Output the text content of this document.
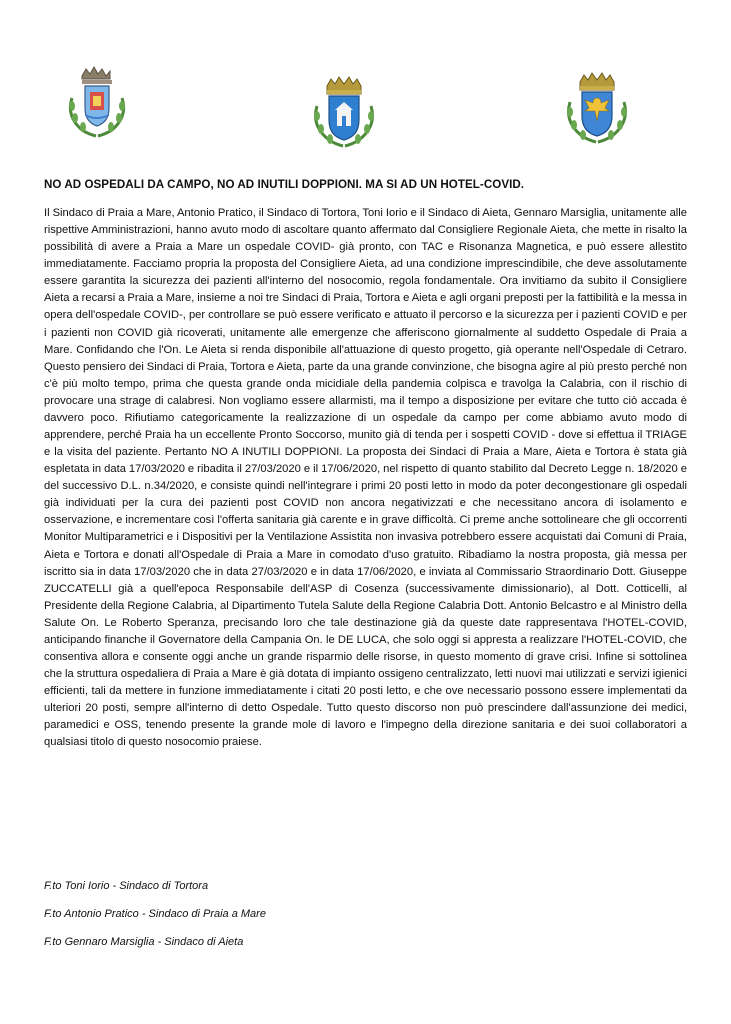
NO AD OSPEDALI DA CAMPO, NO AD INUTILI DOPPIONI. MA SI AD UN HOTEL-COVID.
Il Sindaco di Praia a Mare, Antonio Pratico, il Sindaco di Tortora, Toni Iorio e il Sindaco di Aieta, Gennaro Marsiglia, unitamente alle rispettive Amministrazioni, hanno avuto modo di ascoltare quanto affermato dal Consigliere Regionale Aieta, che mette in risalto la possibilità di avere a Praia a Mare un ospedale COVID- già pronto, con TAC e Risonanza Magnetica, e può essere allestito immediatamente. Facciamo propria la proposta del Consigliere Aieta, ad una condizione imprescindibile, che deve assolutamente essere garantita la sicurezza dei pazienti all'interno del nosocomio, regola fondamentale. Ora invitiamo da subito il Consigliere Aieta a recarsi a Praia a Mare, insieme a noi tre Sindaci di Praia, Tortora e Aieta e agli organi preposti per la fattibilità e la messa in opera dell'ospedale COVID-, per controllare se può essere verificato e attuato il percorso e la sicurezza per i pazienti COVID e per i pazienti non COVID già ricoverati, unitamente alle emergenze che afferiscono giornalmente al suddetto Ospedale di Praia a Mare. Confidando che l'On. Le Aieta si renda disponibile all'attuazione di questo progetto, già operante nell'Ospedale di Cetraro. Questo pensiero dei Sindaci di Praia, Tortora e Aieta, parte da una grande convinzione, che bisogna agire al più presto perché non c'è più molto tempo, prima che questa grande onda micidiale della pandemia colpisca e travolga la Calabria, con il rischio di provocare una strage di calabresi. Non vogliamo essere allarmisti, ma il tempo a disposizione per evitare che tutto ciò accada è davvero poco. Rifiutiamo categoricamente la realizzazione di un ospedale da campo per come abbiamo avuto modo di apprendere, perché Praia ha un eccellente Pronto Soccorso, munito già di tenda per i sospetti COVID - dove si effettua il TRIAGE e la visita del paziente. Pertanto NO A INUTILI DOPPIONI. La proposta dei Sindaci di Praia a Mare, Aieta e Tortora è stata già espletata in data 17/03/2020 e ribadita il 27/03/2020 e il 17/06/2020, nel rispetto di quanto stabilito dal Decreto Legge n. 18/2020 e del successivo D.L. n.34/2020, e consiste quindi nell'integrare i primi 20 posti letto in modo da poter decongestionare gli ospedali già individuati per la cura dei pazienti post COVID non ancora negativizzati e che necessitano ancora di isolamento e osservazione, e incrementare così l'offerta sanitaria già carente e in grave difficoltà. Ci preme anche sottolineare che gli occorrenti Monitor Multiparametrici e i Dispositivi per la Ventilazione Assistita non invasiva potrebbero essere acquistati dai Comuni di Praia, Aieta e Tortora e donati all'Ospedale di Praia a Mare in comodato d'uso gratuito. Ribadiamo la nostra proposta, già messa per iscritto sia in data 17/03/2020 che in data 27/03/2020 e in data 17/06/2020, e inviata al Commissario Straordinario Dott. Giuseppe ZUCCATELLI già a quell'epoca Responsabile dell'ASP di Cosenza (successivamente dimissionario), al Dott. Cotticelli, al Presidente della Regione Calabria, al Dipartimento Tutela Salute della Regione Calabria Dott. Antonio Belcastro e al Ministro della Salute On. Le Roberto Speranza, precisando loro che tale destinazione già da queste date rappresentava l'HOTEL-COVID, anticipando finanche il Governatore della Campania On. le DE LUCA, che solo oggi si appresta a realizzare l'HOTEL-COVID, che consentiva allora e consente oggi anche un grande risparmio delle risorse, in questo momento di grave crisi. Infine si sottolinea che la struttura ospedaliera di Praia a Mare è già dotata di impianto ossigeno centralizzato, letti nuovi mai utilizzati e servizi igienici efficienti, tali da mettere in funzione immediatamente i citati 20 posti letto, e che ove necessario possono essere implementati da ulteriori 20 posti, sempre all'interno di detto Ospedale. Tutto questo discorso non può prescindere dall'assunzione dei medici, paramedici e OSS, tenendo presente la grande mole di lavoro e l'impegno della direzione sanitaria e dei suoi collaboratori a qualsiasi titolo di questo nosocomio praiese.
F.to Toni Iorio - Sindaco di Tortora
F.to Antonio Pratico - Sindaco di Praia a Mare
F.to Gennaro Marsiglia - Sindaco di Aieta
